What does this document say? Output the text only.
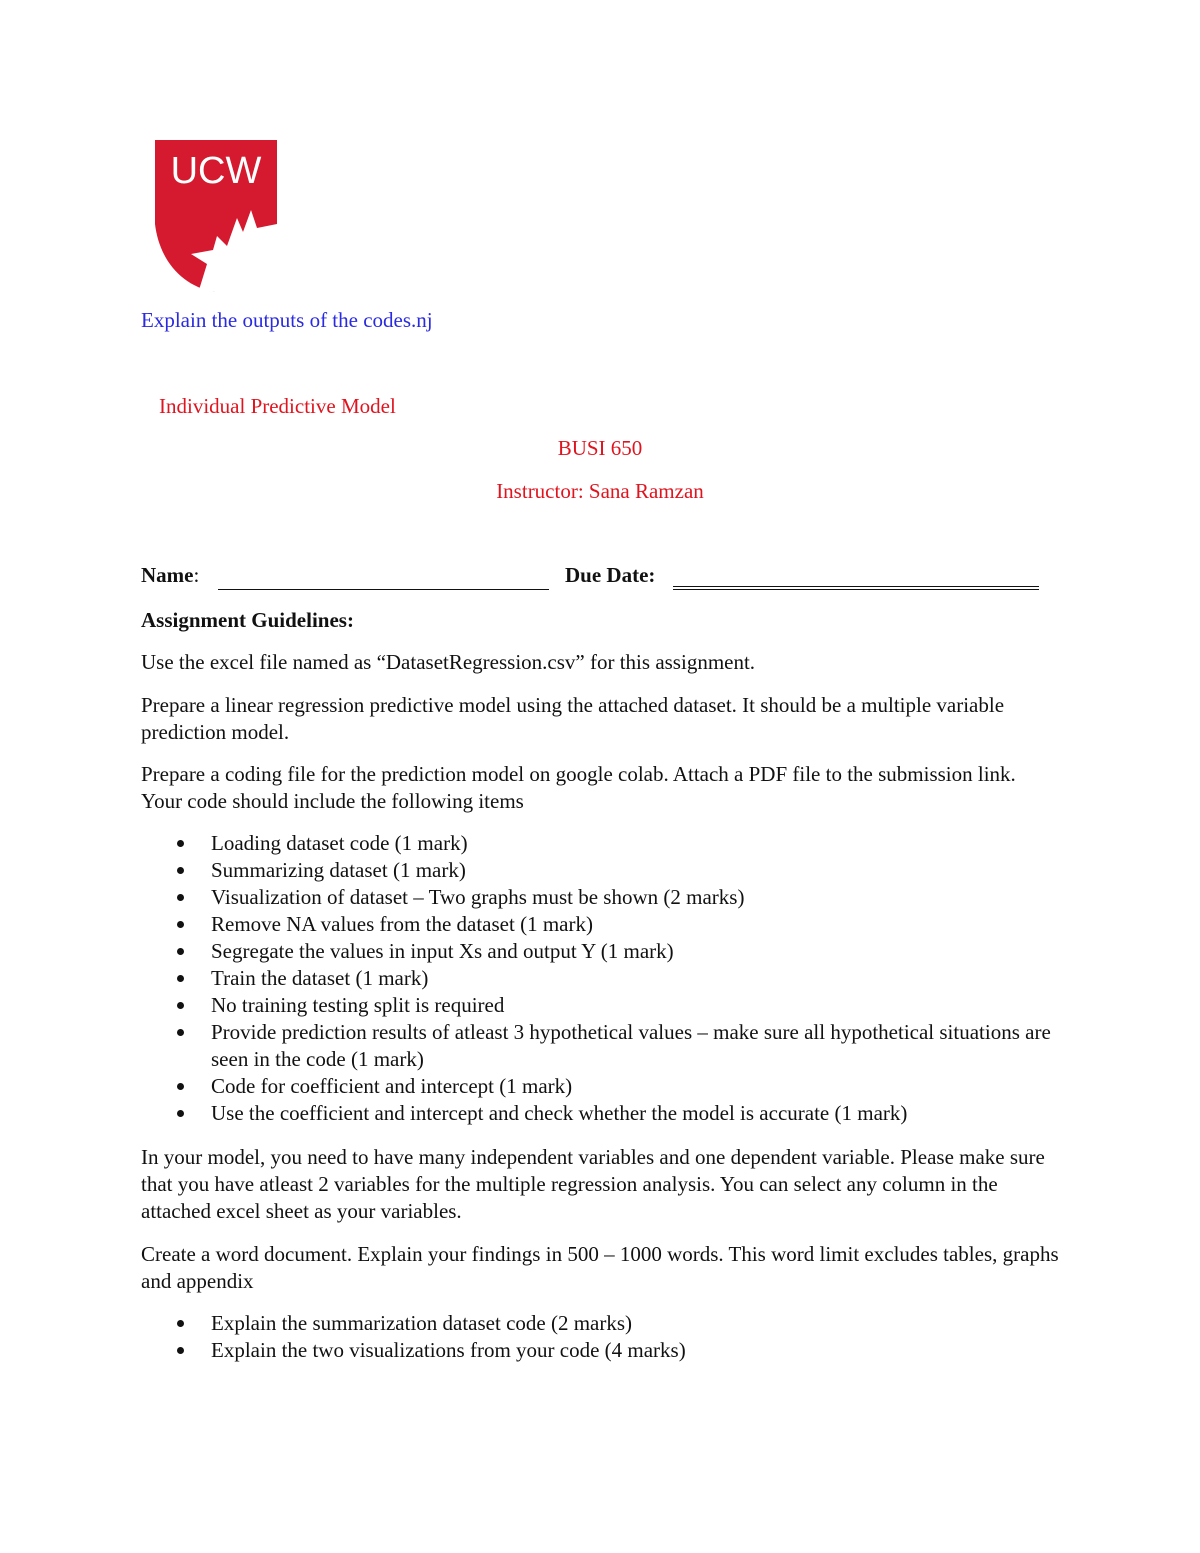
UCW
Explain the outputs of the codes.nj
Individual Predictive Model
BUSI 650
Instructor: Sana Ramzan
Name:	Due Date:
Assignment Guidelines:
Use the excel file named as “DatasetRegression.csv” for this assignment.
Prepare a linear regression predictive model using the attached dataset. It should be a multiple variable prediction model.
Prepare a coding file for the prediction model on google colab. Attach a PDF file to the submission link. Your code should include the following items
Loading dataset code (1 mark)
Summarizing dataset (1 mark)
Visualization of dataset – Two graphs must be shown (2 marks)
Remove NA values from the dataset (1 mark)
Segregate the values in input Xs and output Y (1 mark)
Train the dataset (1 mark)
No training testing split is required
Provide prediction results of atleast 3 hypothetical values – make sure all hypothetical situations are seen in the code (1 mark)
Code for coefficient and intercept (1 mark)
Use the coefficient and intercept and check whether the model is accurate (1 mark)
In your model, you need to have many independent variables and one dependent variable. Please make sure that you have atleast 2 variables for the multiple regression analysis. You can select any column in the attached excel sheet as your variables.
Create a word document. Explain your findings in 500 – 1000 words. This word limit excludes tables, graphs and appendix
Explain the summarization dataset code (2 marks)
Explain the two visualizations from your code (4 marks)
